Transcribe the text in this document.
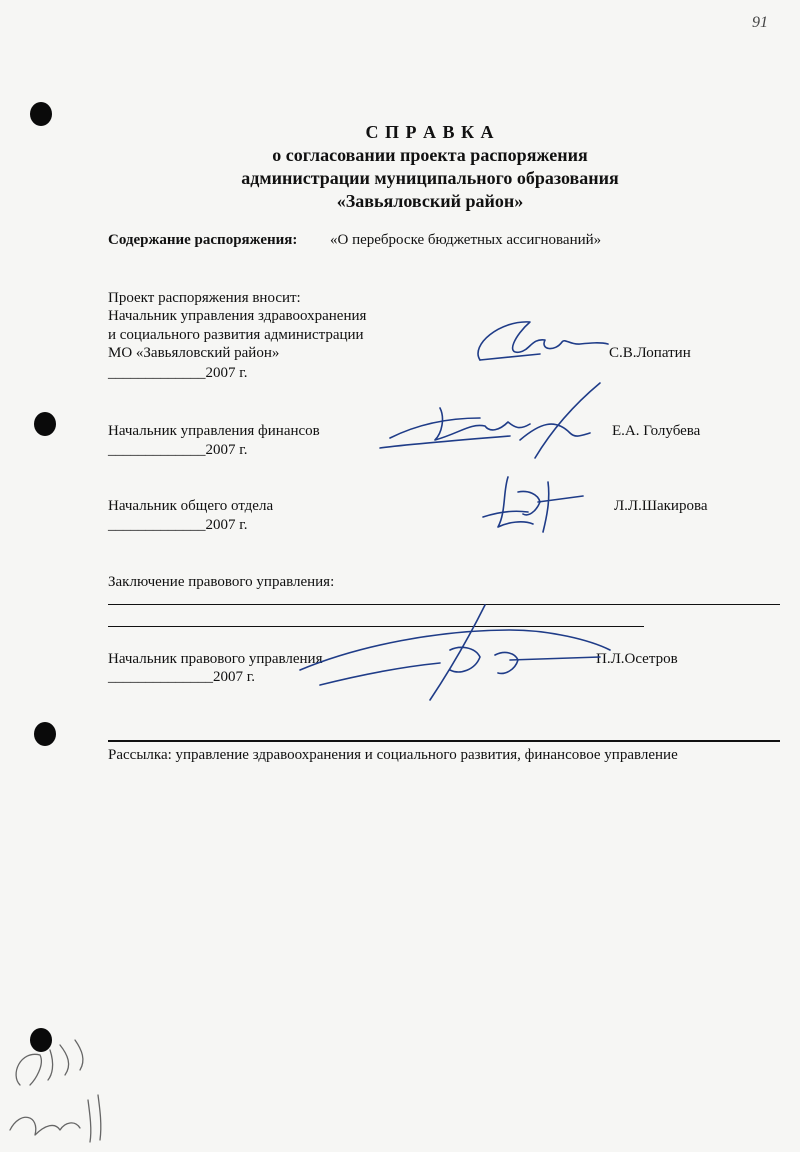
91
С П Р А В К А
о согласовании проекта распоряжения
администрации муниципального образования
«Завьяловский район»
Содержание распоряжения: «О переброске бюджетных ассигнований»
Проект распоряжения вносит:
Начальник управления здравоохранения
и социального развития администрации
МО «Завьяловский район»
_____________2007 г.
С.В.Лопатин
Начальник управления финансов
_____________2007 г.
Е.А. Голубева
Начальник общего отдела
_____________2007 г.
Л.Л.Шакирова
Заключение правового управления:
Начальник правового управления
______________2007 г.
П.Л.Осетров
Рассылка: управление здравоохранения и социального развития, финансовое управление
